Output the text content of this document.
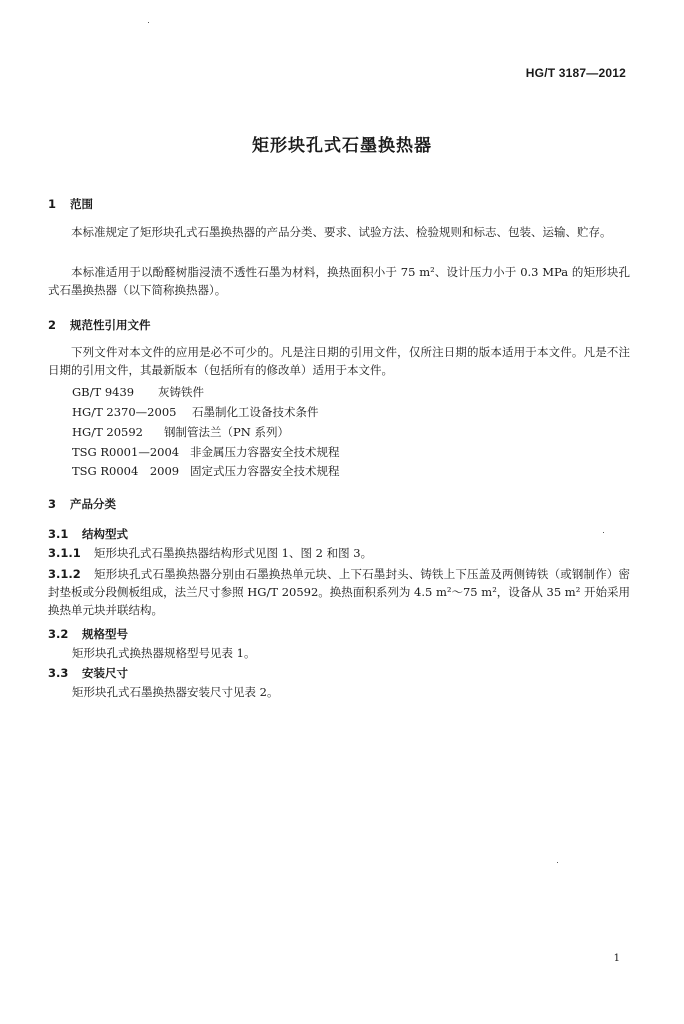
HG/T 3187—2012
矩形块孔式石墨换热器
1 范围
本标准规定了矩形块孔式石墨换热器的产品分类、要求、试验方法、检验规则和标志、包装、运输、贮存。
本标准适用于以酚醛树脂浸渍不透性石墨为材料，换热面积小于 75 m²、设计压力小于 0.3 MPa 的矩形块孔式石墨换热器（以下简称换热器）。
2 规范性引用文件
下列文件对本文件的应用是必不可少的。凡是注日期的引用文件，仅所注日期的版本适用于本文件。凡是不注日期的引用文件，其最新版本（包括所有的修改单）适用于本文件。
GB/T 9439 灰铸铁件
HG/T 2370—2005 石墨制化工设备技术条件
HG/T 20592 钢制管法兰（PN 系列）
TSG R0001—2004 非金属压力容器安全技术规程
TSG R0004　2009 固定式压力容器安全技术规程
3 产品分类
3.1 结构型式
3.1.1 矩形块孔式石墨换热器结构形式见图 1、图 2 和图 3。
3.1.2 矩形块孔式石墨换热器分别由石墨换热单元块、上下石墨封头、铸铁上下压盖及两侧铸铁（或钢制作）密封垫板或分段侧板组成，法兰尺寸参照 HG/T 20592。换热面积系列为 4.5 m²～75 m²，设备从 35 m² 开始采用换热单元块并联结构。
3.2 规格型号
矩形块孔式换热器规格型号见表 1。
3.3 安装尺寸
矩形块孔式石墨换热器安装尺寸见表 2。
1
